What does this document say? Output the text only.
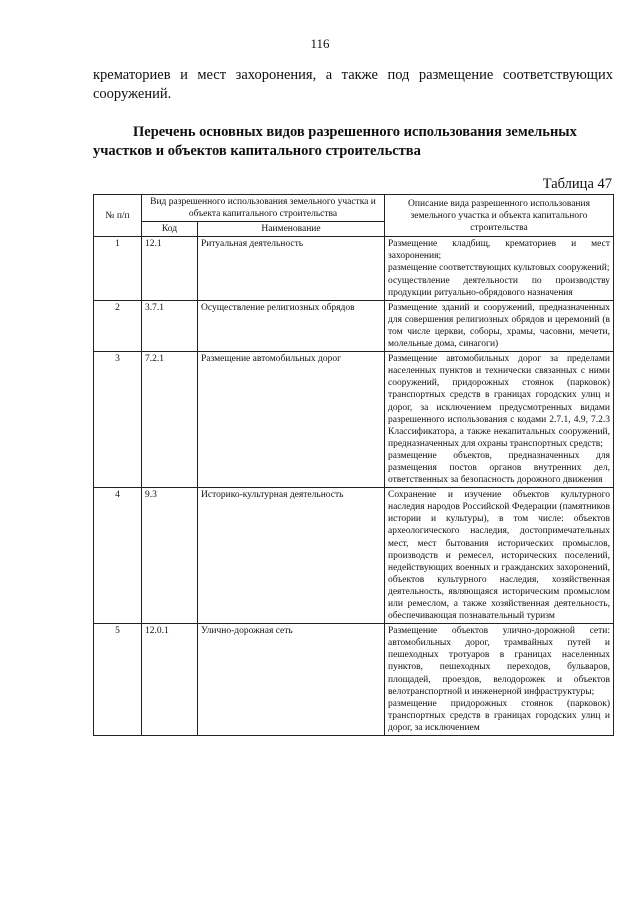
116
крематориев и мест захоронения, а также под размещение соответствующих сооружений.
Перечень основных видов разрешенного использования земельных участков и объектов капитального строительства
Таблица 47
№ п/п	Вид разрешенного использования земельного участка и объекта капитального строительства		Описание вида разрешенного использования земельного участка и объекта капитального строительства
	Код	Наименование	
1	12.1	Ритуальная деятельность	Размещение кладбищ, крематориев и мест захоронения;
размещение соответствующих культовых сооружений;
осуществление деятельности по производству продукции ритуально-обрядового назначения

2	3.7.1	Осуществление религиозных обрядов	Размещение зданий и сооружений, предназначенных для совершения религиозных обрядов и церемоний (в том числе церкви, соборы, храмы, часовни, мечети, молельные дома, синагоги)

3	7.2.1	Размещение автомобильных дорог	Размещение автомобильных дорог за пределами населенных пунктов и технически связанных с ними сооружений, придорожных стоянок (парковок) транспортных средств в границах городских улиц и дорог, за исключением предусмотренных видами разрешенного использования с кодами 2.7.1, 4.9, 7.2.3 Классификатора, а также некапитальных сооружений, предназначенных для охраны транспортных средств;
размещение объектов, предназначенных для размещения постов органов внутренних дел, ответственных за безопасность дорожного движения

4	9.3	Историко-культурная деятельность	Сохранение и изучение объектов культурного наследия народов Российской Федерации (памятников истории и культуры), в том числе: объектов археологического наследия, достопримечательных мест, мест бытования исторических промыслов, производств и ремесел, исторических поселений, недействующих военных и гражданских захоронений, объектов культурного наследия, хозяйственная деятельность, являющаяся историческим промыслом или ремеслом, а также хозяйственная деятельность, обеспечивающая познавательный туризм

5	12.0.1	Улично-дорожная сеть	Размещение объектов улично-дорожной сети: автомобильных дорог, трамвайных путей и пешеходных тротуаров в границах населенных пунктов, пешеходных переходов, бульваров, площадей, проездов, велодорожек и объектов велотранспортной и инженерной инфраструктуры;
размещение придорожных стоянок (парковок) транспортных средств в границах городских улиц и дорог, за исключением
